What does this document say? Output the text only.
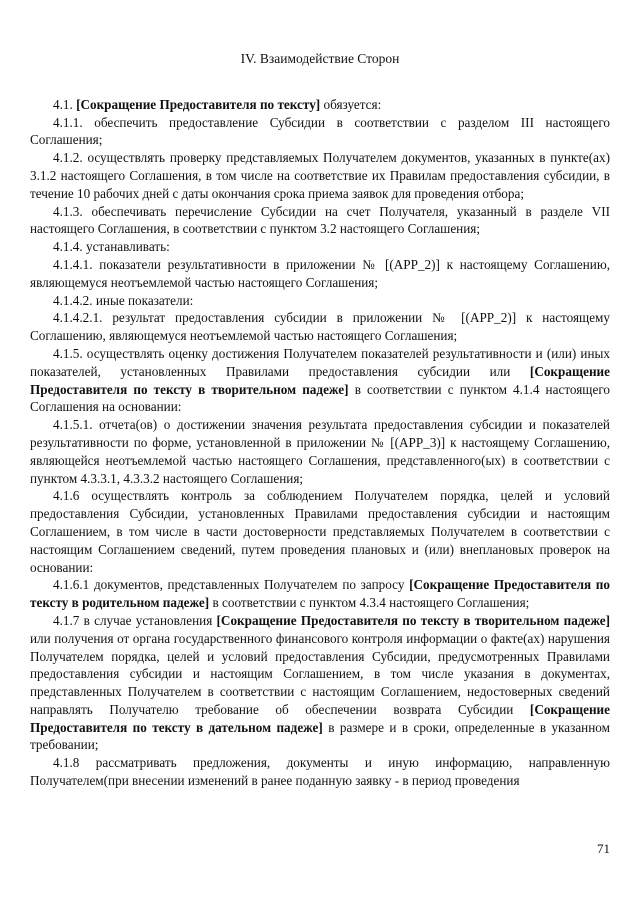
IV. Взаимодействие Сторон

4.1. [Сокращение Предоставителя по тексту] обязуется:

4.1.1. обеспечить предоставление Субсидии в соответствии с разделом III настоящего Соглашения;

4.1.2. осуществлять проверку представляемых Получателем документов, указанных в пункте(ах) 3.1.2 настоящего Соглашения, в том числе на соответствие их Правилам предоставления субсидии, в течение 10 рабочих дней с даты окончания срока приема заявок для проведения отбора;

4.1.3. обеспечивать перечисление Субсидии на счет Получателя, указанный в разделе VII настоящего Соглашения, в соответствии с пунктом 3.2 настоящего Соглашения;

4.1.4. устанавливать:

4.1.4.1. показатели результативности в приложении № [(APP_2)] к настоящему Соглашению, являющемуся неотъемлемой частью настоящего Соглашения;

4.1.4.2. иные показатели:

4.1.4.2.1. результат предоставления субсидии в приложении № [(APP_2)] к настоящему Соглашению, являющемуся неотъемлемой частью настоящего Соглашения;

4.1.5. осуществлять оценку достижения Получателем показателей результативности и (или) иных показателей, установленных Правилами предоставления субсидии или [Сокращение Предоставителя по тексту в творительном падеже] в соответствии с пунктом 4.1.4 настоящего Соглашения на основании:

4.1.5.1. отчета(ов) о достижении значения результата предоставления субсидии и показателей результативности по форме, установленной в приложении № [(APP_3)] к настоящему Соглашению, являющейся неотъемлемой частью настоящего Соглашения, представленного(ых) в соответствии с пунктом 4.3.3.1, 4.3.3.2 настоящего Соглашения;

4.1.6 осуществлять контроль за соблюдением Получателем порядка, целей и условий предоставления Субсидии, установленных Правилами предоставления субсидии и настоящим Соглашением, в том числе в части достоверности представляемых Получателем в соответствии с настоящим Соглашением сведений, путем проведения плановых и (или) внеплановых проверок на основании:

4.1.6.1 документов, представленных Получателем по запросу [Сокращение Предоставителя по тексту в родительном падеже] в соответствии с пунктом 4.3.4 настоящего Соглашения;

4.1.7 в случае установления [Сокращение Предоставителя по тексту в творительном падеже] или получения от органа государственного финансового контроля информации о факте(ах) нарушения Получателем порядка, целей и условий предоставления Субсидии, предусмотренных Правилами предоставления субсидии и настоящим Соглашением, в том числе указания в документах, представленных Получателем в соответствии с настоящим Соглашением, недостоверных сведений направлять Получателю требование об обеспечении возврата Субсидии [Сокращение Предоставителя по тексту в дательном падеже] в размере и в сроки, определенные в указанном требовании;

4.1.8 рассматривать предложения, документы и иную информацию, направленную Получателем(при внесении изменений в ранее поданную заявку - в период проведения

71
